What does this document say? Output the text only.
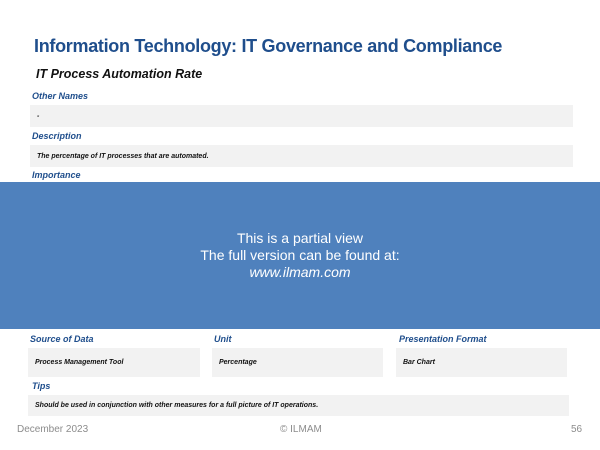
Information Technology: IT Governance and Compliance
IT Process Automation Rate
Other Names
-
Description
The percentage of IT processes that are automated.
Importance
This is a partial view
The full version can be found at:
www.ilmam.com
Source of Data
Process Management Tool
Unit
Percentage
Presentation Format
Bar Chart
Tips
Should be used in conjunction with other measures for a full picture of IT operations.
December 2023	© ILMAM	56
